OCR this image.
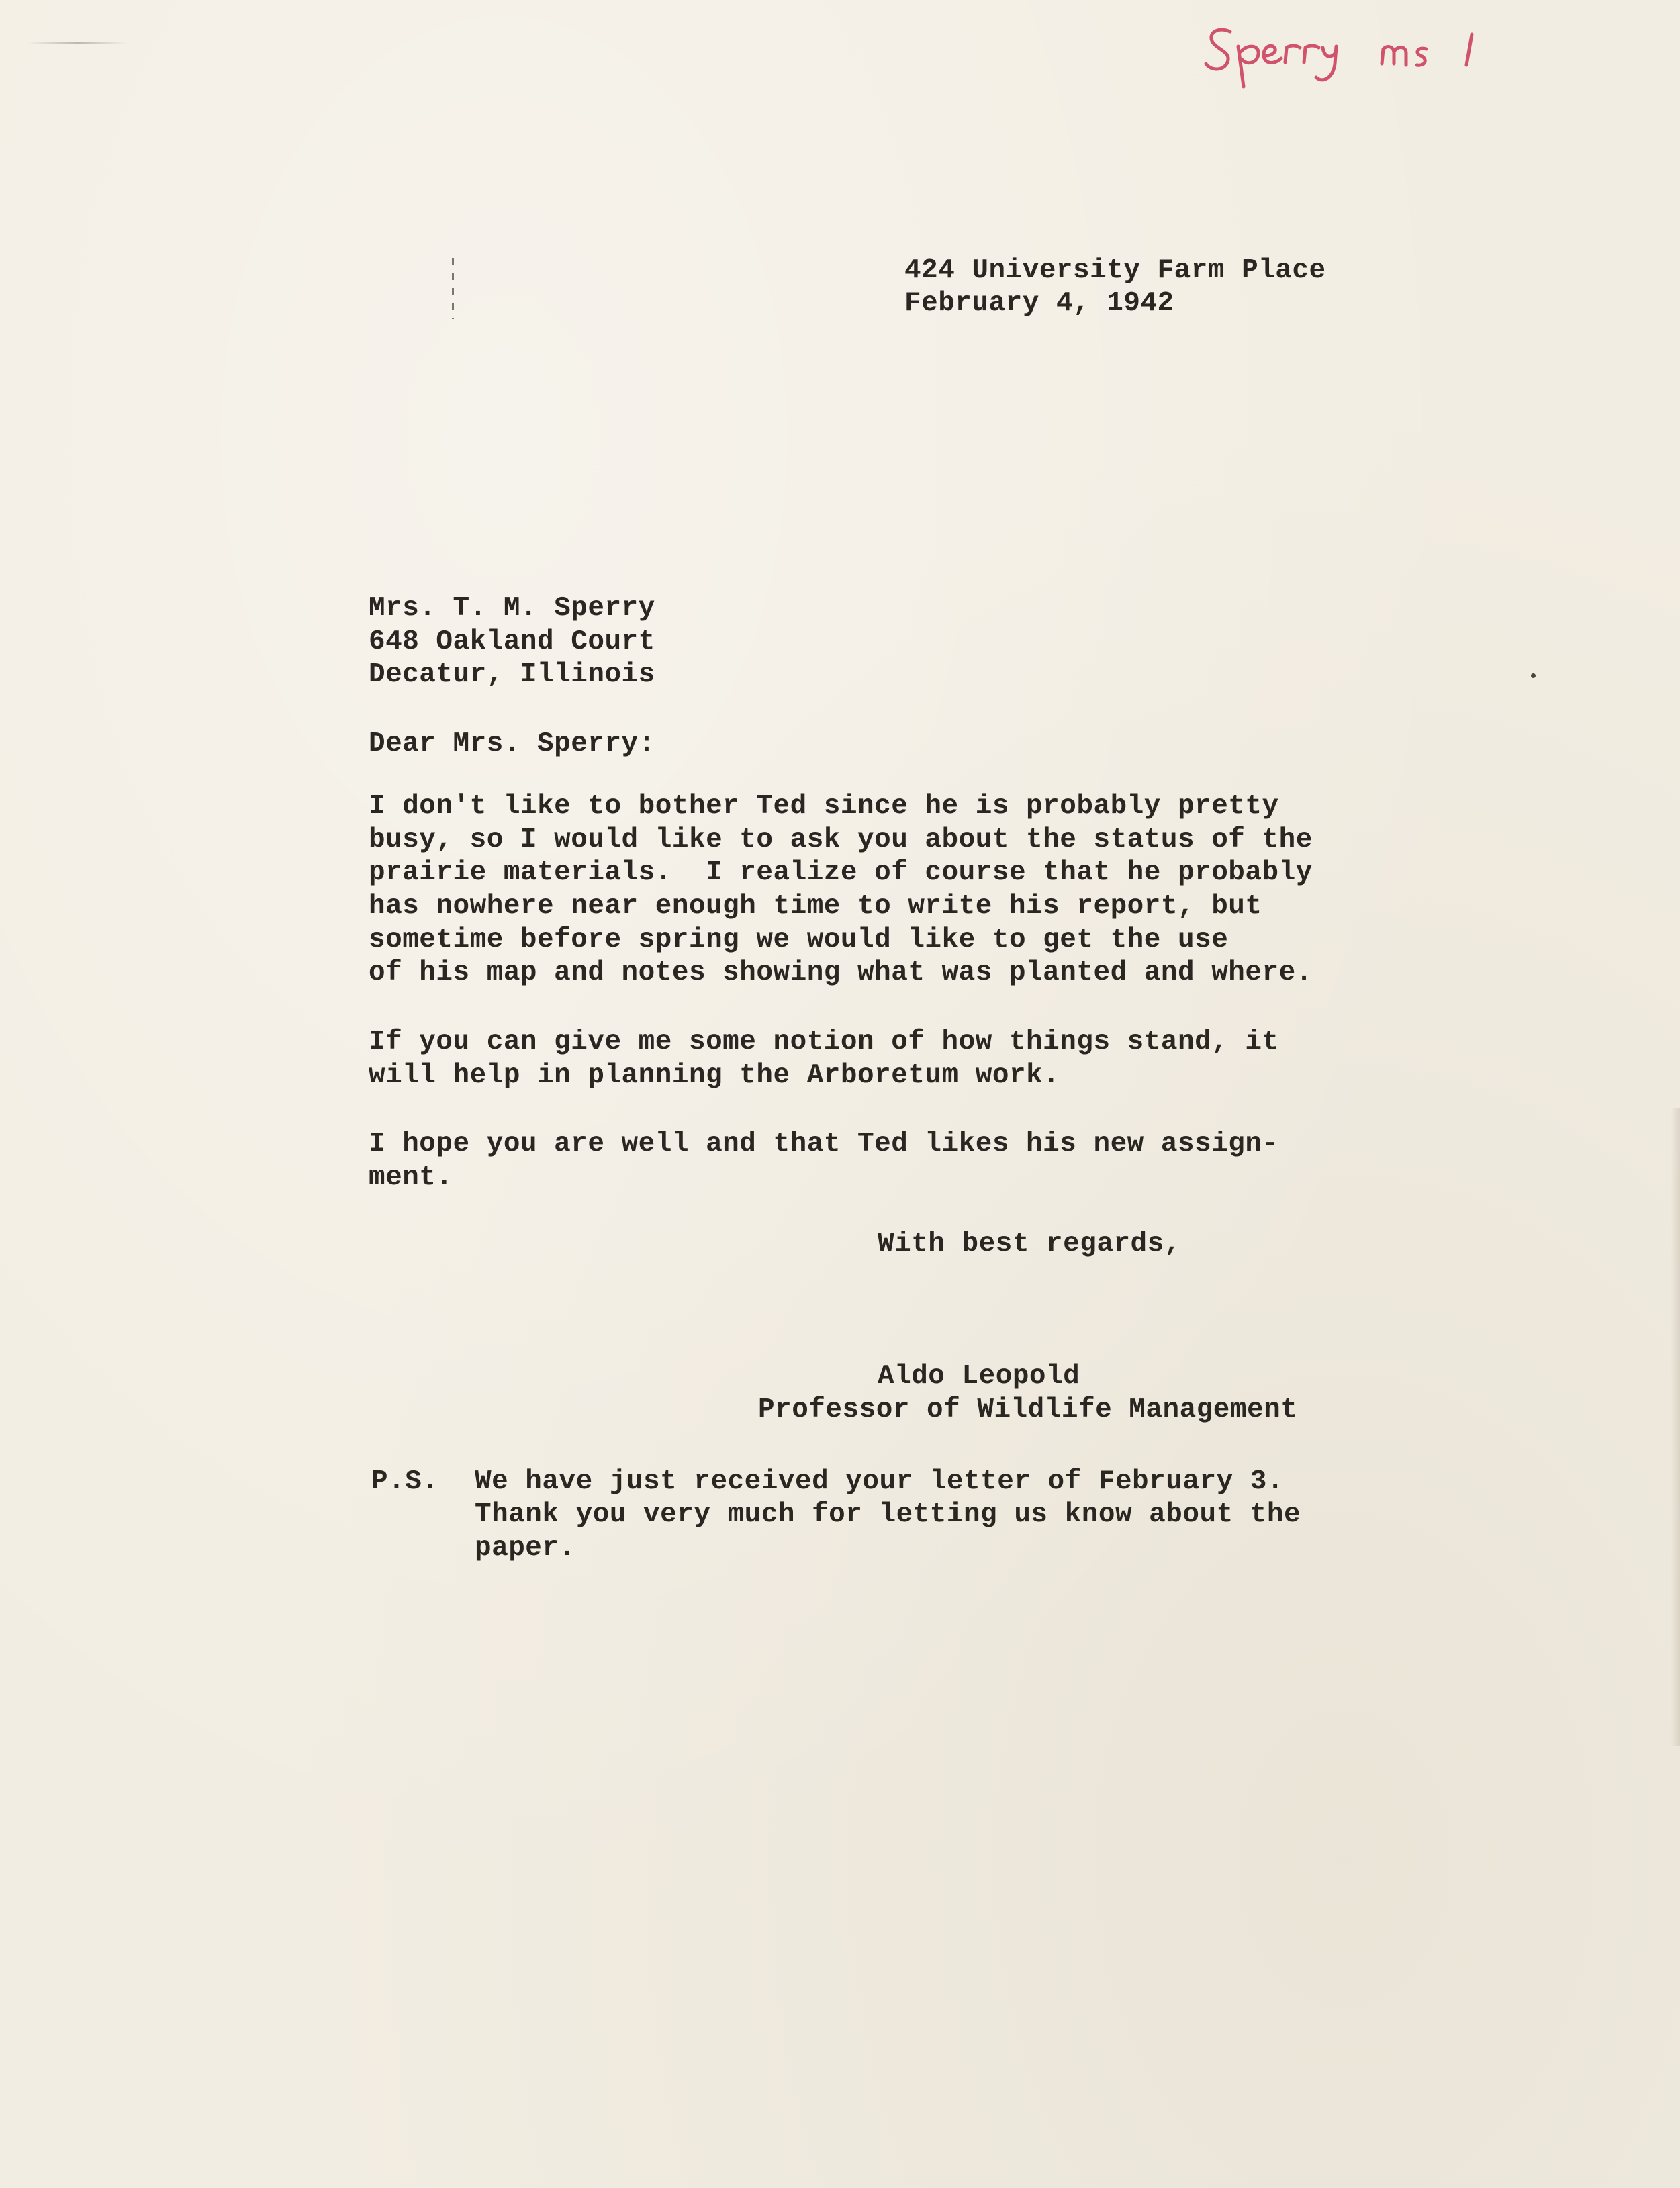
424 University Farm Place
February 4, 1942
Mrs. T. M. Sperry
648 Oakland Court
Decatur, Illinois
Dear Mrs. Sperry:
I don't like to bother Ted since he is probably pretty
busy, so I would like to ask you about the status of the
prairie materials.  I realize of course that he probably
has nowhere near enough time to write his report, but
sometime before spring we would like to get the use
of his map and notes showing what was planted and where.
If you can give me some notion of how things stand, it
will help in planning the Arboretum work.
I hope you are well and that Ted likes his new assign-
ment.
With best regards,
Aldo Leopold
Professor of Wildlife Management
P.S. We have just received your letter of February 3.
Thank you very much for letting us know about the
paper.
